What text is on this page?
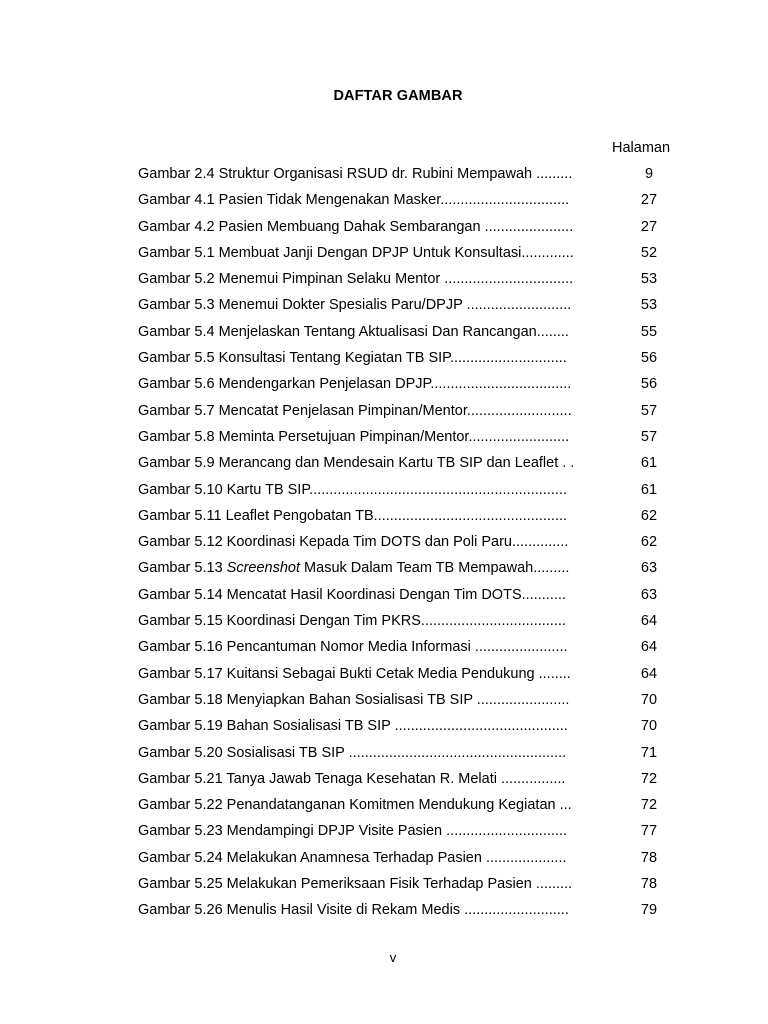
DAFTAR GAMBAR
Halaman
Gambar 2.4 Struktur Organisasi RSUD dr. Rubini Mempawah .........	9
Gambar 4.1 Pasien Tidak Mengenakan Masker................................	27
Gambar 4.2 Pasien Membuang Dahak Sembarangan ......................	27
Gambar 5.1 Membuat Janji Dengan DPJP Untuk Konsultasi.............	52
Gambar 5.2 Menemui Pimpinan Selaku Mentor ................................	53
Gambar 5.3 Menemui Dokter Spesialis Paru/DPJP ..........................	53
Gambar 5.4 Menjelaskan Tentang Aktualisasi Dan Rancangan........	55
Gambar 5.5 Konsultasi Tentang Kegiatan TB SIP.............................	56
Gambar 5.6 Mendengarkan Penjelasan DPJP...................................	56
Gambar 5.7 Mencatat Penjelasan Pimpinan/Mentor..........................	57
Gambar 5.8 Meminta Persetujuan Pimpinan/Mentor.........................	57
Gambar 5.9 Merancang dan Mendesain Kartu TB SIP dan Leaflet . .	61
Gambar 5.10 Kartu TB SIP................................................................	61
Gambar 5.11 Leaflet Pengobatan TB................................................	62
Gambar 5.12 Koordinasi Kepada Tim DOTS dan Poli Paru..............	62
Gambar 5.13 Screenshot Masuk Dalam Team TB Mempawah.........	63
Gambar 5.14 Mencatat Hasil Koordinasi Dengan Tim DOTS...........	63
Gambar 5.15 Koordinasi Dengan Tim PKRS....................................	64
Gambar 5.16 Pencantuman Nomor Media Informasi .......................	64
Gambar 5.17 Kuitansi Sebagai Bukti Cetak Media Pendukung ........	64
Gambar 5.18 Menyiapkan Bahan Sosialisasi TB SIP .......................	70
Gambar 5.19 Bahan Sosialisasi TB SIP ...........................................	70
Gambar 5.20 Sosialisasi TB SIP ......................................................	71
Gambar 5.21 Tanya Jawab Tenaga Kesehatan R. Melati ................	72
Gambar 5.22 Penandatanganan Komitmen Mendukung Kegiatan ...	72
Gambar 5.23 Mendampingi DPJP Visite Pasien ..............................	77
Gambar 5.24 Melakukan Anamnesa Terhadap Pasien ....................	78
Gambar 5.25 Melakukan Pemeriksaan Fisik Terhadap Pasien .........	78
Gambar 5.26 Menulis Hasil Visite di Rekam Medis ..........................	79
v
